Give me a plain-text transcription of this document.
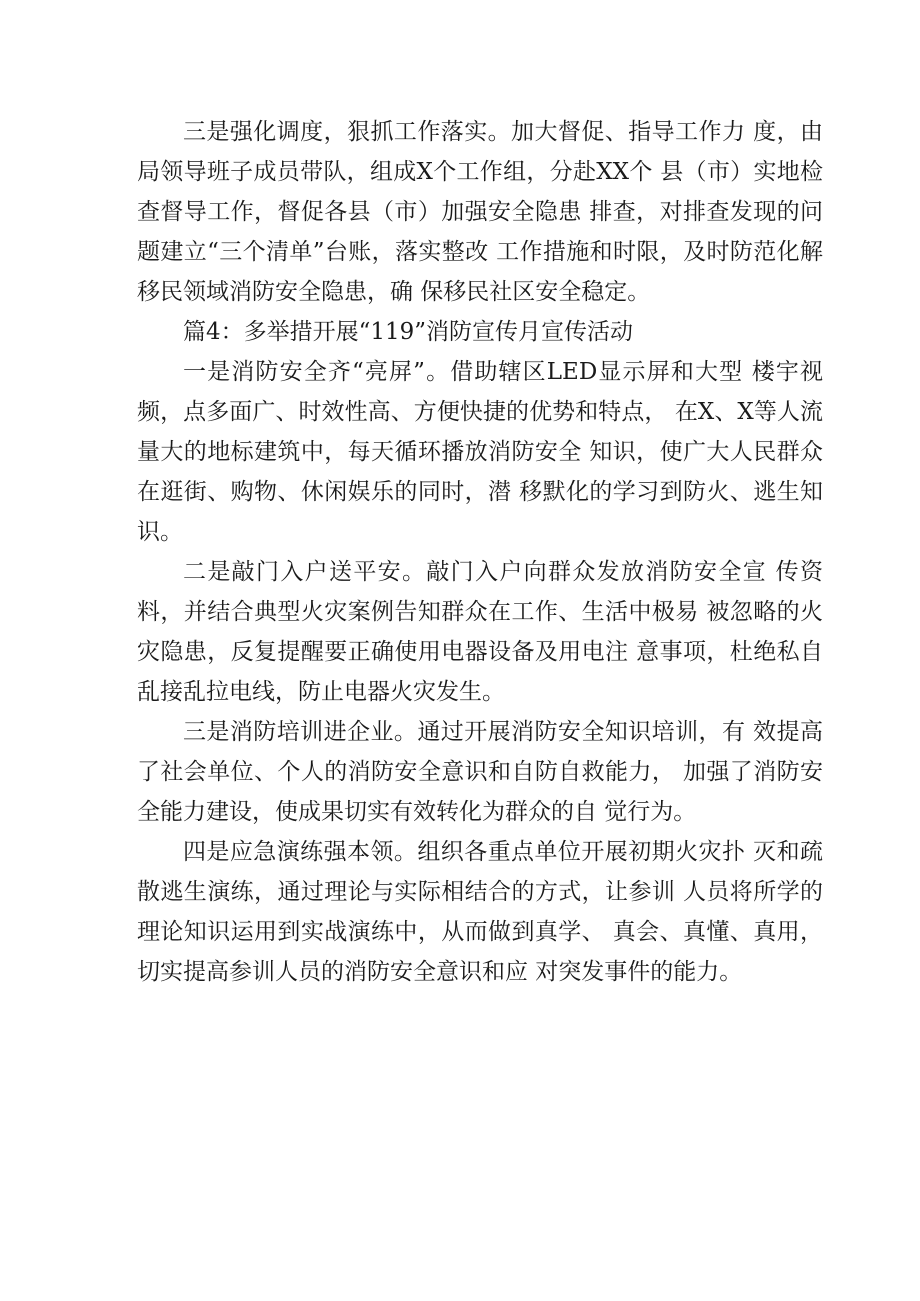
三是强化调度，狠抓工作落实。加大督促、指导工作力 度，由局领导班子成员带队，组成X个工作组，分赴XX个 县（市）实地检查督导工作，督促各县（市）加强安全隐患 排查，对排查发现的问题建立“三个清单”台账，落实整改 工作措施和时限，及时防范化解移民领域消防安全隐患，确 保移民社区安全稳定。

篇4：多举措开展“119”消防宣传月宣传活动

一是消防安全齐“亮屏”。借助辖区LED显示屏和大型 楼宇视频，点多面广、时效性高、方便快捷的优势和特点， 在X、X等人流量大的地标建筑中，每天循环播放消防安全 知识，使广大人民群众在逛街、购物、休闲娱乐的同时，潜 移默化的学习到防火、逃生知识。

二是敲门入户送平安。敲门入户向群众发放消防安全宣 传资料，并结合典型火灾案例告知群众在工作、生活中极易 被忽略的火灾隐患，反复提醒要正确使用电器设备及用电注 意事项，杜绝私自乱接乱拉电线，防止电器火灾发生。

三是消防培训进企业。通过开展消防安全知识培训，有 效提高了社会单位、个人的消防安全意识和自防自救能力， 加强了消防安全能力建设，使成果切实有效转化为群众的自 觉行为。

四是应急演练强本领。组织各重点单位开展初期火灾扑 灭和疏散逃生演练，通过理论与实际相结合的方式，让参训 人员将所学的理论知识运用到实战演练中，从而做到真学、 真会、真懂、真用，切实提高参训人员的消防安全意识和应 对突发事件的能力。
